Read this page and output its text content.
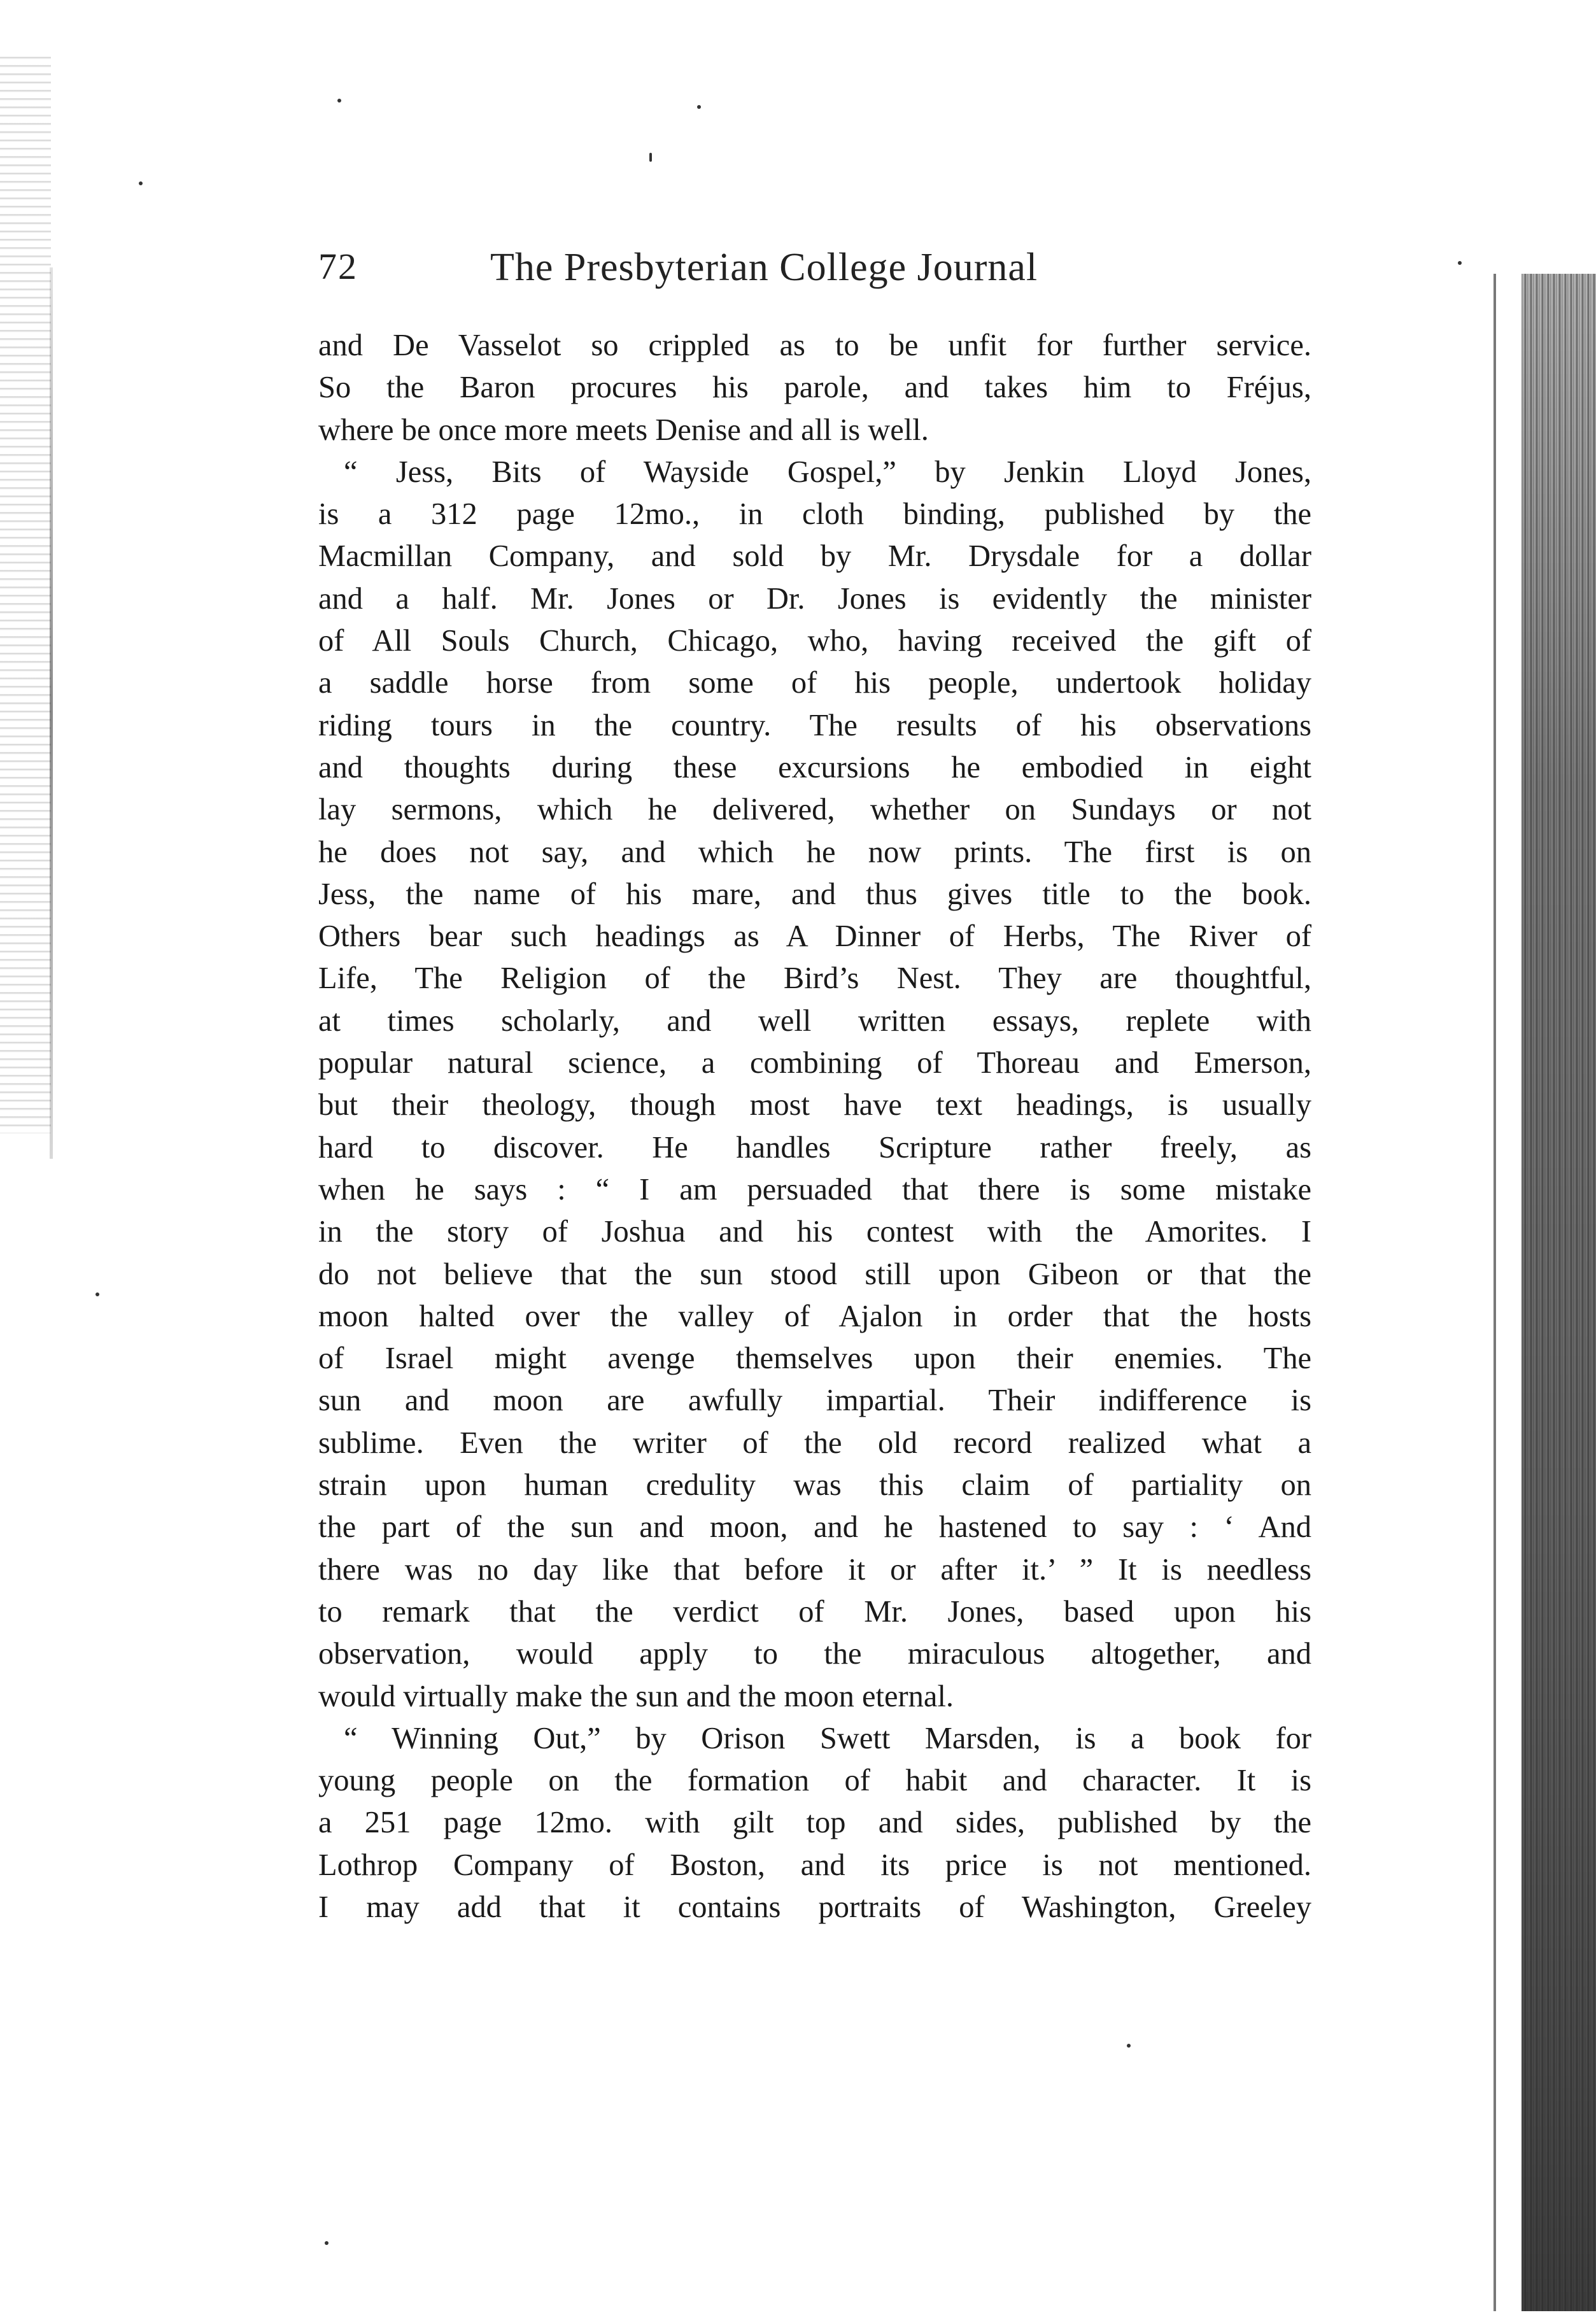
72	The Presbyterian College Journal
and De Vasselot so crippled as to be unfit for further service.
So the Baron procures his parole, and takes him to Fréjus,
where be once more meets Denise and all is well.
“ Jess, Bits of Wayside Gospel,” by Jenkin Lloyd Jones,
is a 312 page 12mo., in cloth binding, published by the
Macmillan Company, and sold by Mr. Drysdale for a dollar
and a half. Mr. Jones or Dr. Jones is evidently the minister
of All Souls Church, Chicago, who, having received the gift of
a saddle horse from some of his people, undertook holiday
riding tours in the country. The results of his observations
and thoughts during these excursions he embodied in eight
lay sermons, which he delivered, whether on Sundays or not
he does not say, and which he now prints. The first is on
Jess, the name of his mare, and thus gives title to the book.
Others bear such headings as A Dinner of Herbs, The River of
Life, The Religion of the Bird’s Nest. They are thoughtful,
at times scholarly, and well written essays, replete with
popular natural science, a combining of Thoreau and Emerson,
but their theology, though most have text headings, is usually
hard to discover. He handles Scripture rather freely, as
when he says : “ I am persuaded that there is some mistake
in the story of Joshua and his contest with the Amorites. I
do not believe that the sun stood still upon Gibeon or that the
moon halted over the valley of Ajalon in order that the hosts
of Israel might avenge themselves upon their enemies. The
sun and moon are awfully impartial. Their indifference is
sublime. Even the writer of the old record realized what a
strain upon human credulity was this claim of partiality on
the part of the sun and moon, and he hastened to say : ‘ And
there was no day like that before it or after it.’ ” It is needless
to remark that the verdict of Mr. Jones, based upon his
observation, would apply to the miraculous altogether, and
would virtually make the sun and the moon eternal.
“ Winning Out,” by Orison Swett Marsden, is a book for
young people on the formation of habit and character. It is
a 251 page 12mo. with gilt top and sides, published by the
Lothrop Company of Boston, and its price is not mentioned.
I may add that it contains portraits of Washington, Greeley
